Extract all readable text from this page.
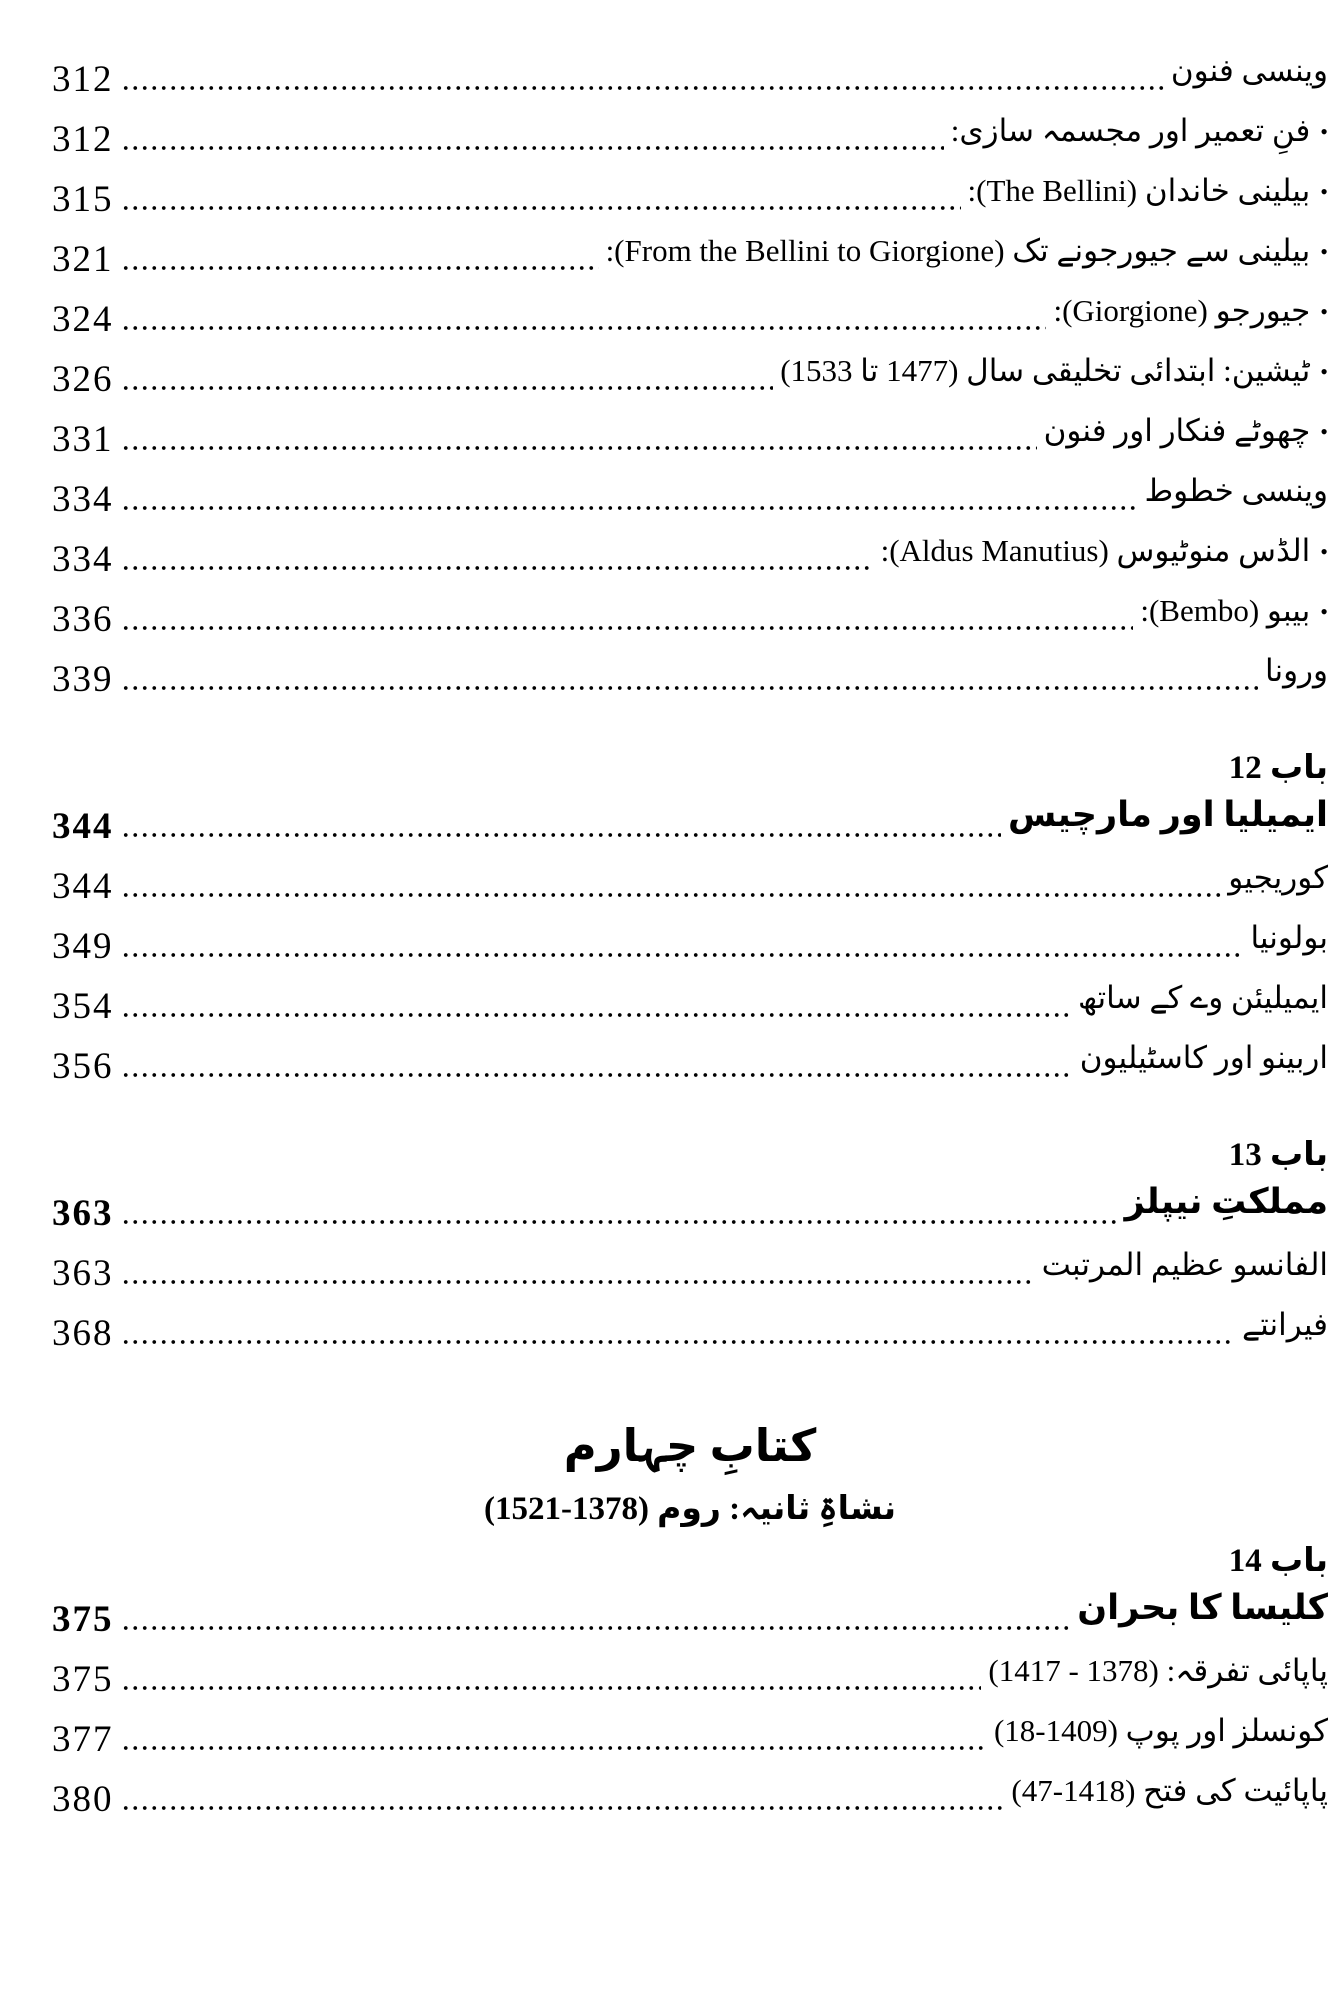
وینسی فنون
312
•
فنِ تعمیر اور مجسمہ سازی:
312
•
بیلینی خاندان (The Bellini):
315
•
بیلینی سے جیورجونے تک (From the Bellini to Giorgione):
321
•
جیورجو (Giorgione):
324
•
ٹیشین: ابتدائی تخلیقی سال (1477 تا 1533)
326
•
چھوٹے فنکار اور فنون
331
وینسی خطوط
334
•
الڈس منوٹیوس (Aldus Manutius):
334
•
بیبو (Bembo):
336
ورونا
339
باب 12
ایمیلیا اور مارچیس
344
کوریجیو
344
بولونیا
349
ایمیلیئن وے کے ساتھ
354
اربینو اور کاسٹیلیون
356
باب 13
مملکتِ نیپلز
363
الفانسو عظیم المرتبت
363
فیرانتے
368
کتابِ چہارم
نشاۃِ ثانیہ: روم (1378-1521)
باب 14
کلیسا کا بحران
375
پاپائی تفرقہ: (1378 - 1417)
375
کونسلز اور پوپ (1409-18)
377
پاپائیت کی فتح (1418-47)
380
